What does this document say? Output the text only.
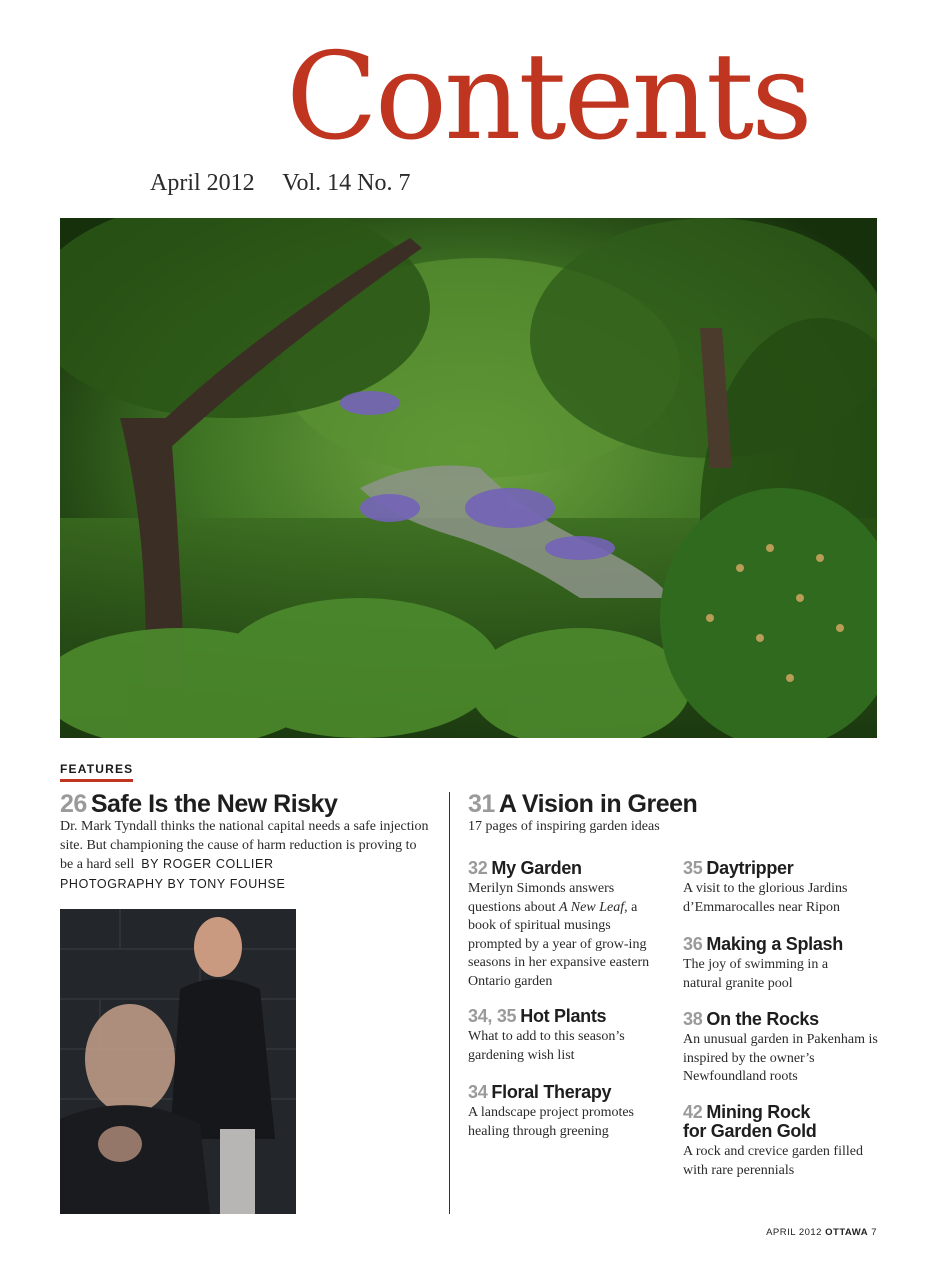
Contents
April 2012 Vol. 14 No. 7
FEATURES
26 Safe Is the New Risky
Dr. Mark Tyndall thinks the national capital needs a safe injection site. But championing the cause of harm reduction is proving to be a hard sell BY ROGER COLLIER
PHOTOGRAPHY BY TONY FOUHSE
31 A Vision in Green
17 pages of inspiring garden ideas
32 My Garden
Merilyn Simonds answers questions about A New Leaf, a book of spiritual musings prompted by a year of grow-ing seasons in her expansive eastern Ontario garden
34, 35 Hot Plants
What to add to this season’s gardening wish list
34 Floral Therapy
A landscape project promotes healing through greening
35 Daytripper
A visit to the glorious Jardins d’Emmarocalles near Ripon
36 Making a Splash
The joy of swimming in a natural granite pool
38 On the Rocks
An unusual garden in Pakenham is inspired by the owner’s Newfoundland roots
42 Mining Rock
for Garden Gold
A rock and crevice garden filled with rare perennials
APRIL 2012 OTTAWA 7
